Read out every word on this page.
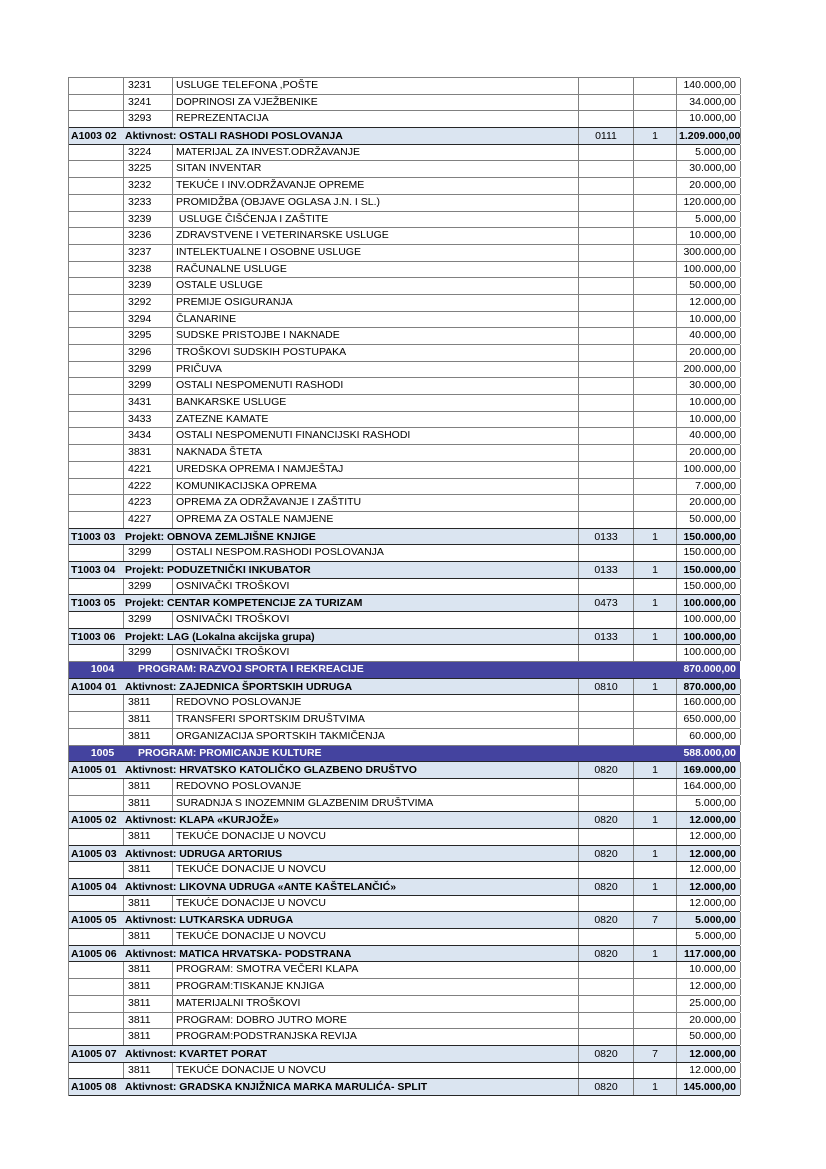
3231	USLUGE TELEFONA ,POŠTE	140.000,00
3241	DOPRINOSI ZA VJEŽBENIKE	34.000,00
3293	REPREZENTACIJA	10.000,00
A1003 02 Aktivnost: OSTALI RASHODI POSLOVANJA	0111	1	1.209.000,00
3224	MATERIJAL ZA INVEST.ODRŽAVANJE	5.000,00
3225	SITAN INVENTAR	30.000,00
3232	TEKUĆE I INV.ODRŽAVANJE OPREME	20.000,00
3233	PROMIDŽBA (OBJAVE OGLASA J.N. I SL.)	120.000,00
3239	USLUGE ČIŠĆENJA I ZAŠTITE	5.000,00
3236	ZDRAVSTVENE I VETERINARSKE USLUGE	10.000,00
3237	INTELEKTUALNE I OSOBNE USLUGE	300.000,00
3238	RAČUNALNE USLUGE	100.000,00
3239	OSTALE USLUGE	50.000,00
3292	PREMIJE OSIGURANJA	12.000,00
3294	ČLANARINE	10.000,00
3295	SUDSKE PRISTOJBE I NAKNADE	40.000,00
3296	TROŠKOVI SUDSKIH POSTUPAKA	20.000,00
3299	PRIČUVA	200.000,00
3299	OSTALI NESPOMENUTI RASHODI	30.000,00
3431	BANKARSKE USLUGE	10.000,00
3433	ZATEZNE KAMATE	10.000,00
3434	OSTALI NESPOMENUTI FINANCIJSKI RASHODI	40.000,00
3831	NAKNADA ŠTETA	20.000,00
4221	UREDSKA OPREMA I NAMJEŠTAJ	100.000,00
4222	KOMUNIKACIJSKA OPREMA	7.000,00
4223	OPREMA ZA ODRŽAVANJE I ZAŠTITU	20.000,00
4227	OPREMA ZA OSTALE NAMJENE	50.000,00
T1003 03 Projekt: OBNOVA ZEMLJIŠNE KNJIGE	0133	1	150.000,00
3299	OSTALI NESPOM.RASHODI POSLOVANJA	150.000,00
T1003 04 Projekt: PODUZETNIČKI INKUBATOR	0133	1	150.000,00
3299	OSNIVAČKI TROŠKOVI	150.000,00
T1003 05 Projekt: CENTAR KOMPETENCIJE ZA TURIZAM	0473	1	100.000,00
3299	OSNIVAČKI TROŠKOVI	100.000,00
T1003 06 Projekt: LAG (Lokalna akcijska grupa)	0133	1	100.000,00
3299	OSNIVAČKI TROŠKOVI	100.000,00
1004	PROGRAM: RAZVOJ SPORTA I REKREACIJE	870.000,00
A1004 01 Aktivnost: ZAJEDNICA ŠPORTSKIH UDRUGA	0810	1	870.000,00
3811	REDOVNO POSLOVANJE	160.000,00
3811	TRANSFERI SPORTSKIM DRUŠTVIMA	650.000,00
3811	ORGANIZACIJA SPORTSKIH TAKMIČENJA	60.000,00
1005	PROGRAM: PROMICANJE KULTURE	588.000,00
A1005 01 Aktivnost: HRVATSKO KATOLIČKO GLAZBENO DRUŠTVO	0820	1	169.000,00
3811	REDOVNO POSLOVANJE	164.000,00
3811	SURADNJA S INOZEMNIM GLAZBENIM DRUŠTVIMA	5.000,00
A1005 02 Aktivnost: KLAPA «KURJOŽE»	0820	1	12.000,00
3811	TEKUĆE DONACIJE U NOVCU	12.000,00
A1005 03 Aktivnost: UDRUGA ARTORIUS	0820	1	12.000,00
3811	TEKUĆE DONACIJE U NOVCU	12.000,00
A1005 04 Aktivnost: LIKOVNA UDRUGA «ANTE KAŠTELANČIĆ»	0820	1	12.000,00
3811	TEKUĆE DONACIJE U NOVCU	12.000,00
A1005 05 Aktivnost: LUTKARSKA UDRUGA	0820	7	5.000,00
3811	TEKUĆE DONACIJE U NOVCU	5.000,00
A1005 06 Aktivnost: MATICA HRVATSKA- PODSTRANA	0820	1	117.000,00
3811	PROGRAM: SMOTRA VEČERI KLAPA	10.000,00
3811	PROGRAM:TISKANJE KNJIGA	12.000,00
3811	MATERIJALNI TROŠKOVI	25.000,00
3811	PROGRAM: DOBRO JUTRO MORE	20.000,00
3811	PROGRAM:PODSTRANJSKA REVIJA	50.000,00
A1005 07 Aktivnost: KVARTET PORAT	0820	7	12.000,00
3811	TEKUĆE DONACIJE U NOVCU	12.000,00
A1005 08 Aktivnost: GRADSKA KNJIŽNICA MARKA MARULIĆA- SPLIT	0820	1	145.000,00
